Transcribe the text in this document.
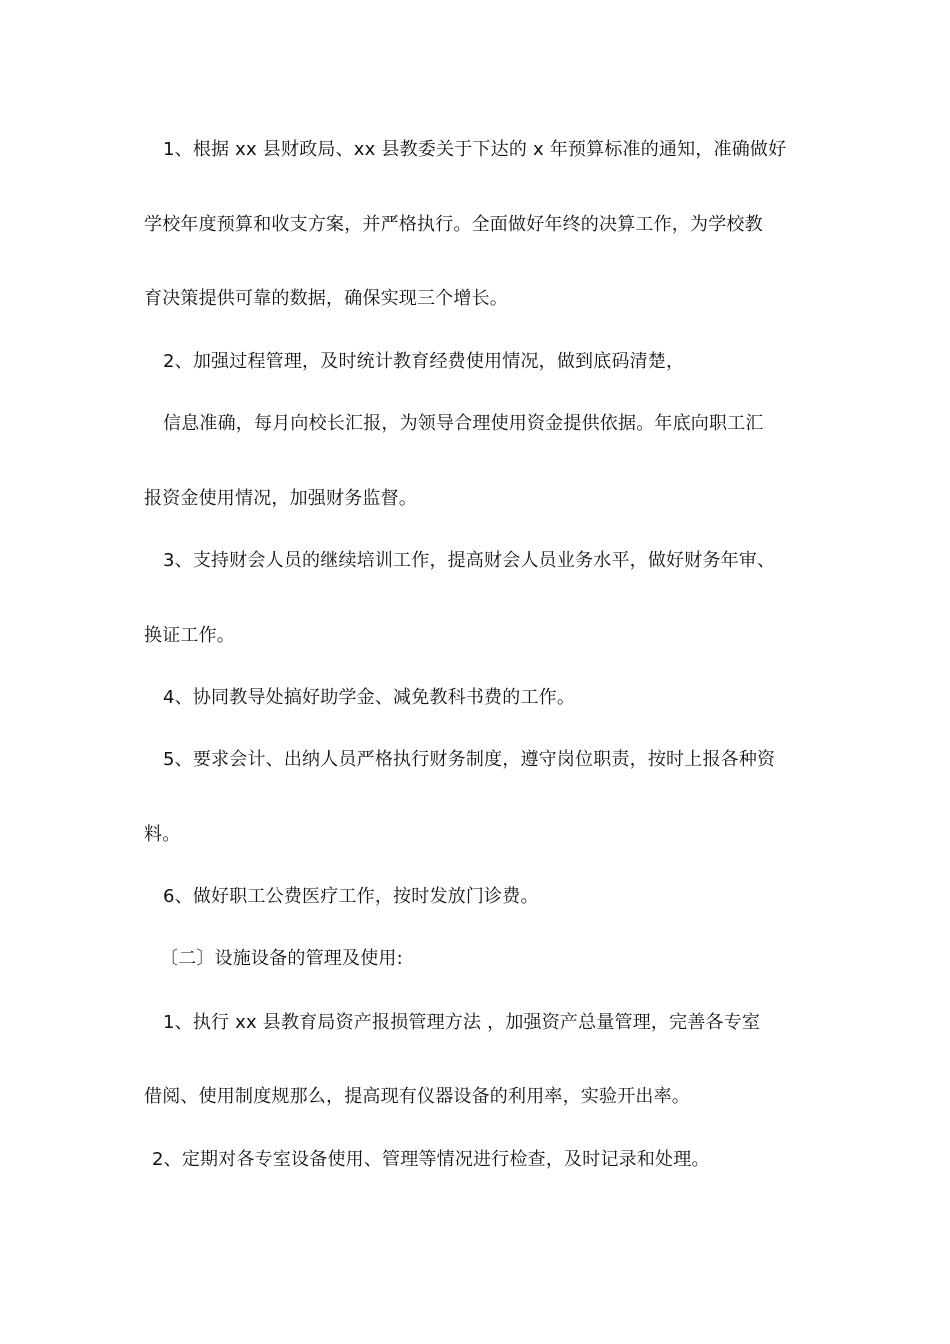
1、根据 xx 县财政局、xx 县教委关于下达的 x 年预算标准的通知，准确做好
学校年度预算和收支方案，并严格执行。全面做好年终的决算工作，为学校教
育决策提供可靠的数据，确保实现三个增长。
2、加强过程管理，及时统计教育经费使用情况，做到底码清楚，
信息准确，每月向校长汇报，为领导合理使用资金提供依据。年底向职工汇
报资金使用情况，加强财务监督。
3、支持财会人员的继续培训工作，提高财会人员业务水平，做好财务年审、
换证工作。
4、协同教导处搞好助学金、减免教科书费的工作。
5、要求会计、出纳人员严格执行财务制度，遵守岗位职责，按时上报各种资
料。
6、做好职工公费医疗工作，按时发放门诊费。
〔二〕设施设备的管理及使用:
1、执行 xx 县教育局资产报损管理方法 ，加强资产总量管理，完善各专室
借阅、使用制度规那么，提高现有仪器设备的利用率，实验开出率。
2、定期对各专室设备使用、管理等情况进行检查，及时记录和处理。
